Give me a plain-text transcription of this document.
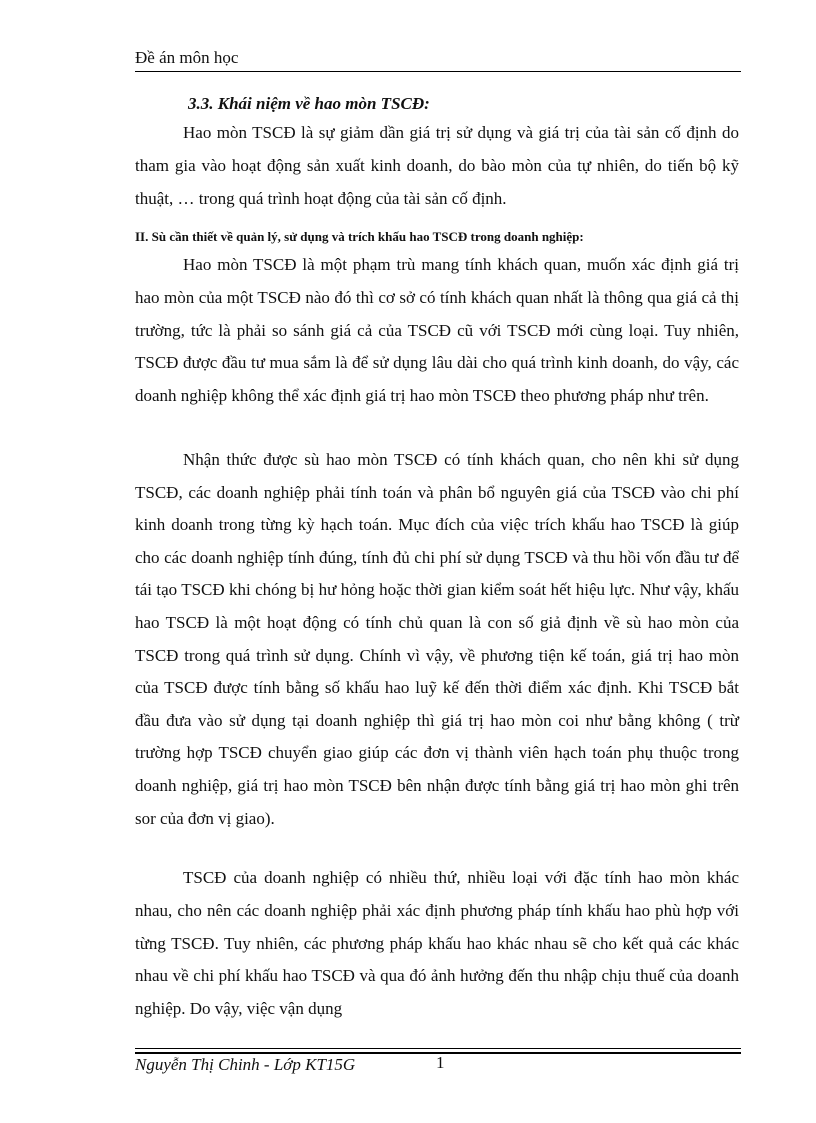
Đề án môn học
3.3. Khái niệm về hao mòn TSCĐ:

Hao mòn TSCĐ là sự giảm dần giá trị sử dụng và giá trị của tài sản cố định do tham gia vào hoạt động sản xuất kinh doanh, do bào mòn của tự nhiên, do tiến bộ kỹ thuật, … trong quá trình hoạt động của tài sản cố định.

II. Sù cần thiết về quản lý, sử dụng và trích khấu hao TSCĐ trong doanh nghiệp:

Hao mòn TSCĐ là một phạm trù mang tính khách quan, muốn xác định giá trị hao mòn của một TSCĐ nào đó thì cơ sở có tính khách quan nhất là thông qua giá cả thị trường, tức là phải so sánh giá cả của TSCĐ cũ với TSCĐ mới cùng loại. Tuy nhiên, TSCĐ được đầu tư mua sắm là để sử dụng lâu dài cho quá trình kinh doanh, do vậy, các doanh nghiệp không thể xác định giá trị hao mòn TSCĐ theo phương pháp như trên.

Nhận thức được sù hao mòn TSCĐ có tính khách quan, cho nên khi sử dụng TSCĐ, các doanh nghiệp phải tính toán và phân bổ nguyên giá của TSCĐ vào chi phí kinh doanh trong từng kỳ hạch toán. Mục đích của việc trích khấu hao TSCĐ là giúp cho các doanh nghiệp tính đúng, tính đủ chi phí sử dụng TSCĐ và thu hồi vốn đầu tư để tái tạo TSCĐ khi chóng bị hư hỏng hoặc thời gian kiểm soát hết hiệu lực. Như vậy, khấu hao TSCĐ là một hoạt động có tính chủ quan là con số giả định về sù hao mòn của TSCĐ trong quá trình sử dụng. Chính vì vậy, về phương tiện kế toán, giá trị hao mòn của TSCĐ được tính bằng số khấu hao luỹ kế đến thời điểm xác định. Khi TSCĐ bắt đầu đưa vào sử dụng tại doanh nghiệp thì giá trị hao mòn coi như bằng không ( trừ trường hợp TSCĐ chuyển giao giúp các đơn vị thành viên hạch toán phụ thuộc trong doanh nghiệp, giá trị hao mòn TSCĐ bên nhận được tính bằng giá trị hao mòn ghi trên sor của đơn vị giao).

TSCĐ của doanh nghiệp có nhiều thứ, nhiều loại với đặc tính hao mòn khác nhau, cho nên các doanh nghiệp phải xác định phương pháp tính khấu hao phù hợp với từng TSCĐ. Tuy nhiên, các phương pháp khấu hao khác nhau sẽ cho kết quả các khác nhau về chi phí khấu hao TSCĐ và qua đó ảnh hưởng đến thu nhập chịu thuế của doanh nghiệp. Do vậy, việc vận dụng

Nguyễn Thị Chinh - Lớp KT15G	1
